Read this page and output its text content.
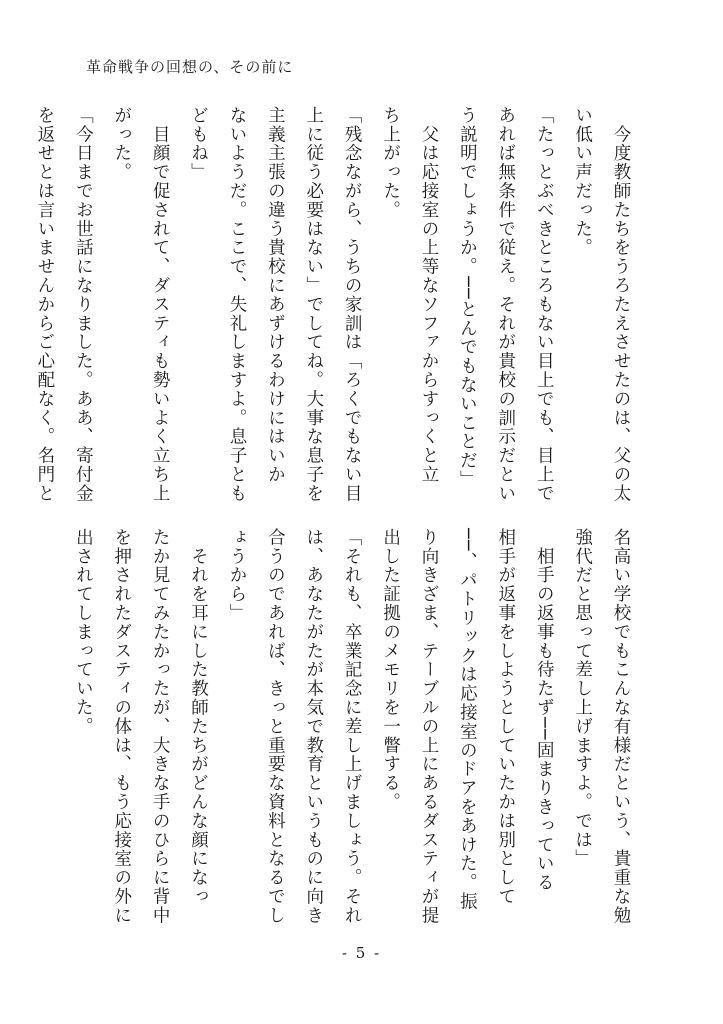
革命戦争の回想の、その前に
　今度教師たちをうろたえさせたのは、父の太
い低い声だった。
「たっとぶべきところもない目上でも、目上で
あれば無条件で従え。それが貴校の訓示だとい
う説明でしょうか。──とんでもないことだ」
　父は応接室の上等なソファからすっくと立
ち上がった。
「残念ながら、うちの家訓は「ろくでもない目
上に従う必要はない」でしてね。大事な息子を
主義主張の違う貴校にあずけるわけにはいか
ないようだ。ここで、失礼しますよ。息子とも
どもね」
　目顔で促されて、ダスティも勢いよく立ち上
がった。
「今日までお世話になりました。ああ、寄付金
を返せとは言いませんからご心配なく。名門と
名高い学校でもこんな有様だという、貴重な勉
強代だと思って差し上げますよ。では」
　相手の返事も待たず──固まりきっている
相手が返事をしようとしていたかは別として
──、パトリックは応接室のドアをあけた。振
り向きざま、テーブルの上にあるダスティが提
出した証拠のメモリを一瞥する。
「それも、卒業記念に差し上げましょう。それ
は、あなたがたが本気で教育というものに向き
合うのであれば、きっと重要な資料となるでし
ょうから」
　それを耳にした教師たちがどんな顔になっ
たか見てみたかったが、大きな手のひらに背中
を押されたダスティの体は、もう応接室の外に
出されてしまっていた。
- 5 -
